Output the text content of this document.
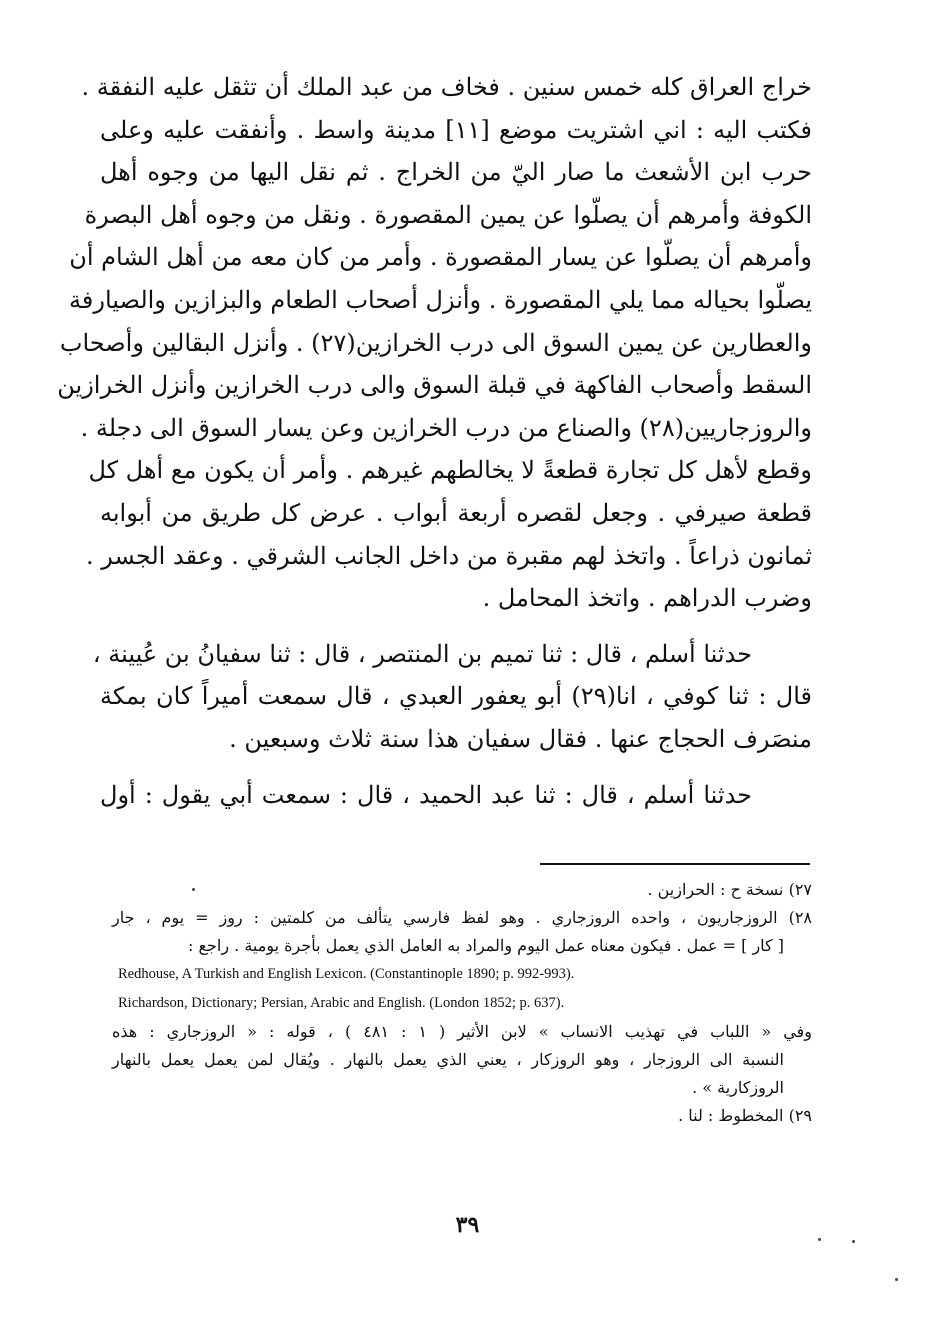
خراج العراق كله خمس سنين . فخاف من عبد الملك أن تثقل عليه النفقة .
فكتب اليه : اني اشتريت موضع [١١] مدينة واسط . وأنفقت عليه وعلى
حرب ابن الأشعث ما صار اليّ من الخراج . ثم نقل اليها من وجوه أهل
الكوفة وأمرهم أن يصلّوا عن يمين المقصورة . ونقل من وجوه أهل البصرة
وأمرهم أن يصلّوا عن يسار المقصورة . وأمر من كان معه من أهل الشام أن
يصلّوا بحياله مما يلي المقصورة . وأنزل أصحاب الطعام والبزازين والصيارفة
والعطارين عن يمين السوق الى درب الخرازين(٢٧) . وأنزل البقالين وأصحاب
السقط وأصحاب الفاكهة في قبلة السوق والى درب الخرازين وأنزل الخرازين
والروزجاريين(٢٨) والصناع من درب الخرازين وعن يسار السوق الى دجلة .
وقطع لأهل كل تجارة قطعةً لا يخالطهم غيرهم . وأمر أن يكون مع أهل كل
قطعة صيرفي . وجعل لقصره أربعة أبواب . عرض كل طريق من أبوابه
ثمانون ذراعاً . واتخذ لهم مقبرة من داخل الجانب الشرقي . وعقد الجسر .
وضرب الدراهم . واتخذ المحامل .
حدثنا أسلم ، قال : ثنا تميم بن المنتصر ، قال : ثنا سفيانُ بن عُيينة ،
قال : ثنا كوفي ، انا(٢٩) أبو يعفور العبدي ، قال سمعت أميراً كان بمكة
منصَرف الحجاج عنها . فقال سفيان هذا سنة ثلاث وسبعين .
حدثنا أسلم ، قال : ثنا عبد الحميد ، قال : سمعت أبي يقول : أول
٢٧) نسخة ح : الحرازين .
٢٨) الروزجاريون ، واحده الروزجاري . وهو لفظ فارسي يتألف من كلمتين : روز = يوم ، جار
[ كار ] = عمل . فيكون معناه عمل اليوم والمراد به العامل الذي يعمل بأجرة يومية . راجع :
Redhouse, A Turkish and English Lexicon. (Constantinople 1890; p. 992-993).
Richardson, Dictionary; Persian, Arabic and English. (London 1852; p. 637).
وفي « اللباب في تهذيب الانساب » لابن الأثير ( ١ : ٤٨١ ) ، قوله : « الروزجاري : هذه
النسبة الى الروزجار ، وهو الروزكار ، يعني الذي يعمل بالنهار . ويُقال لمن يعمل يعمل بالنهار
الروزكارية » .
٢٩) المخطوط : لنا .
٣٩
